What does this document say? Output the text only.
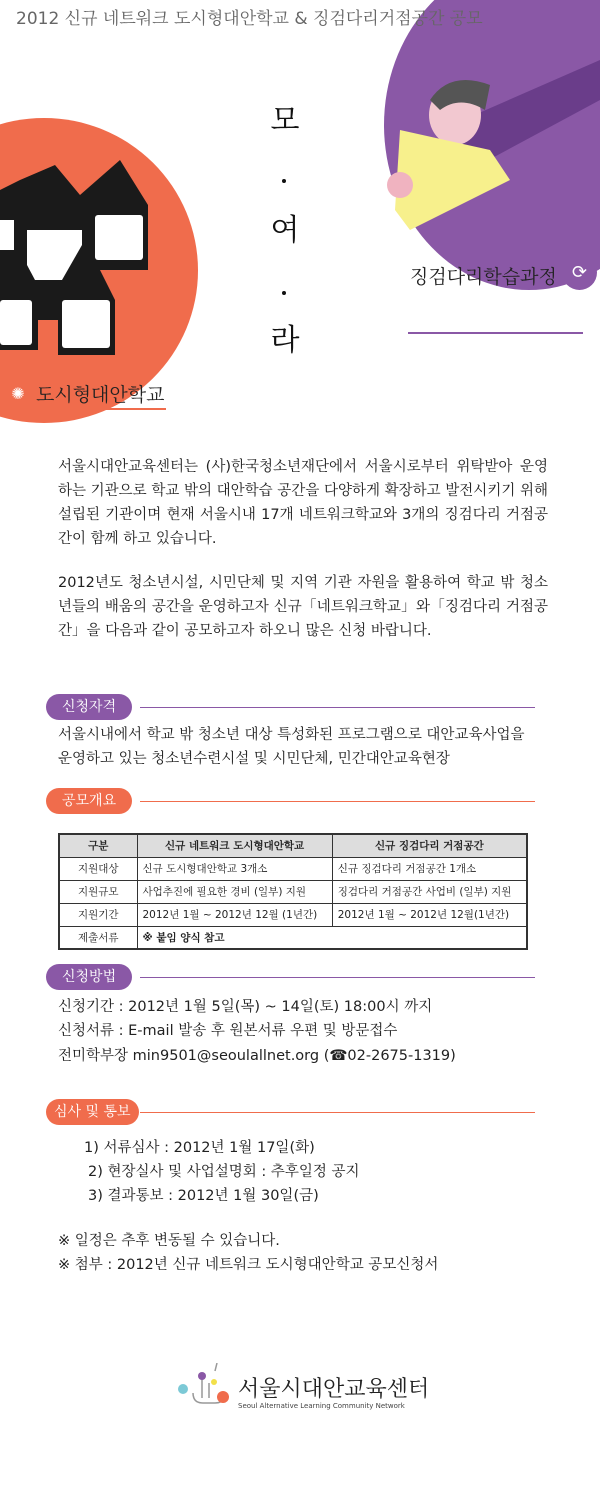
2012 신규 네트워크 도시형대안학교 & 징검다리거점공간 공모
모
여
라
징검다리학습과정 ⟳
✺ 도시형대안학교
서울시대안교육센터는 (사)한국청소년재단에서 서울시로부터 위탁받아 운영하는 기관으로 학교 밖의 대안학습 공간을 다양하게 확장하고 발전시키기 위해 설립된 기관이며 현재 서울시내 17개 네트워크학교와 3개의 징검다리 거점공간이 함께 하고 있습니다.
2012년도 청소년시설, 시민단체 및 지역 기관 자원을 활용하여 학교 밖 청소년들의 배움의 공간을 운영하고자 신규「네트워크학교」와「징검다리 거점공간」을 다음과 같이 공모하고자 하오니 많은 신청 바랍니다.
신청자격
서울시내에서 학교 밖 청소년 대상 특성화된 프로그램으로 대안교육사업을
운영하고 있는 청소년수련시설 및 시민단체, 민간대안교육현장
공모개요
구분	신규 네트워크 도시형대안학교	신규 징검다리 거점공간
지원대상	신규 도시형대안학교 3개소	신규 징검다리 거점공간 1개소
지원규모	사업추진에 필요한 경비 (일부) 지원	징검다리 거점공간 사업비 (일부) 지원
지원기간	2012년 1월 ~ 2012년 12월 (1년간)	2012년 1월 ~ 2012년 12월(1년간)
제출서류	※ 붙임 양식 참고	
신청방법
신청기간 : 2012년 1월 5일(목) ~ 14일(토) 18:00시 까지
신청서류 : E-mail 발송 후 원본서류 우편 및 방문접수
전미학부장 min9501@seoulallnet.org (☎02-2675-1319)
심사 및 통보
1) 서류심사 : 2012년 1월 17일(화)
2) 현장실사 및 사업설명회 : 추후일정 공지
3) 결과통보 : 2012년 1월 30일(금)
※ 일정은 추후 변동될 수 있습니다.
※ 첨부 : 2012년 신규 네트워크 도시형대안학교 공모신청서
서울시대안교육센터
Seoul Alternative Learning Community Network
